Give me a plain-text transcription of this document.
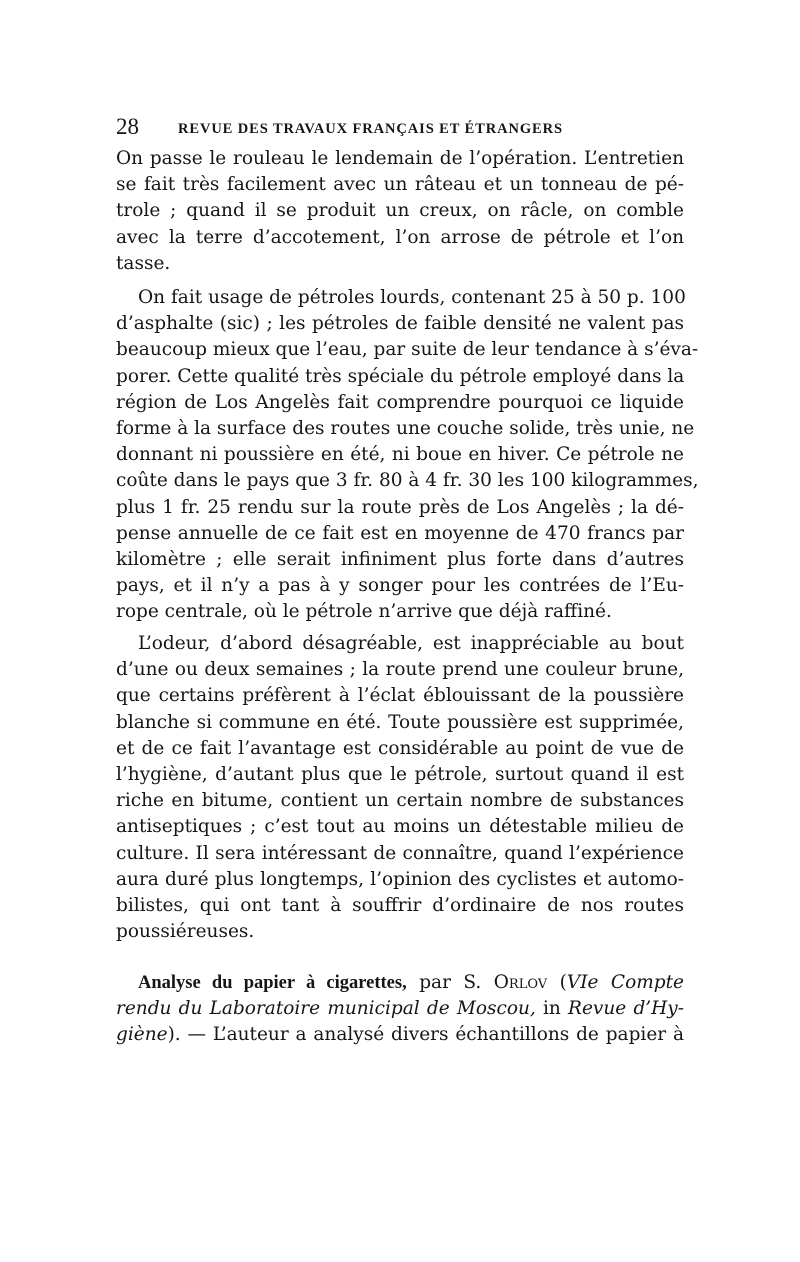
28	REVUE DES TRAVAUX FRANÇAIS ET ÉTRANGERS
On passe le rouleau le lendemain de l’opération. L’entretien
se fait très facilement avec un râteau et un tonneau de pé-
trole ; quand il se produit un creux, on râcle, on comble
avec la terre d’accotement, l’on arrose de pétrole et l’on
tasse.
On fait usage de pétroles lourds, contenant 25 à 50 p. 100
d’asphalte (sic) ; les pétroles de faible densité ne valent pas
beaucoup mieux que l’eau, par suite de leur tendance à s’éva-
porer. Cette qualité très spéciale du pétrole employé dans la
région de Los Angelès fait comprendre pourquoi ce liquide
forme à la surface des routes une couche solide, très unie, ne
donnant ni poussière en été, ni boue en hiver. Ce pétrole ne
coûte dans le pays que 3 fr. 80 à 4 fr. 30 les 100 kilogrammes,
plus 1 fr. 25 rendu sur la route près de Los Angelès ; la dé-
pense annuelle de ce fait est en moyenne de 470 francs par
kilomètre ; elle serait infiniment plus forte dans d’autres
pays, et il n’y a pas à y songer pour les contrées de l’Eu-
rope centrale, où le pétrole n’arrive que déjà raffiné.
L’odeur, d’abord désagréable, est inappréciable au bout
d’une ou deux semaines ; la route prend une couleur brune,
que certains préfèrent à l’éclat éblouissant de la poussière
blanche si commune en été. Toute poussière est supprimée,
et de ce fait l’avantage est considérable au point de vue de
l’hygiène, d’autant plus que le pétrole, surtout quand il est
riche en bitume, contient un certain nombre de substances
antiseptiques ; c’est tout au moins un détestable milieu de
culture. Il sera intéressant de connaître, quand l’expérience
aura duré plus longtemps, l’opinion des cyclistes et automo-
bilistes, qui ont tant à souffrir d’ordinaire de nos routes
poussiéreuses.
Analyse du papier à cigarettes, par S. Orlov (VIe Compte
rendu du Laboratoire municipal de Moscou, in Revue d’Hy-
giène). — L’auteur a analysé divers échantillons de papier à
